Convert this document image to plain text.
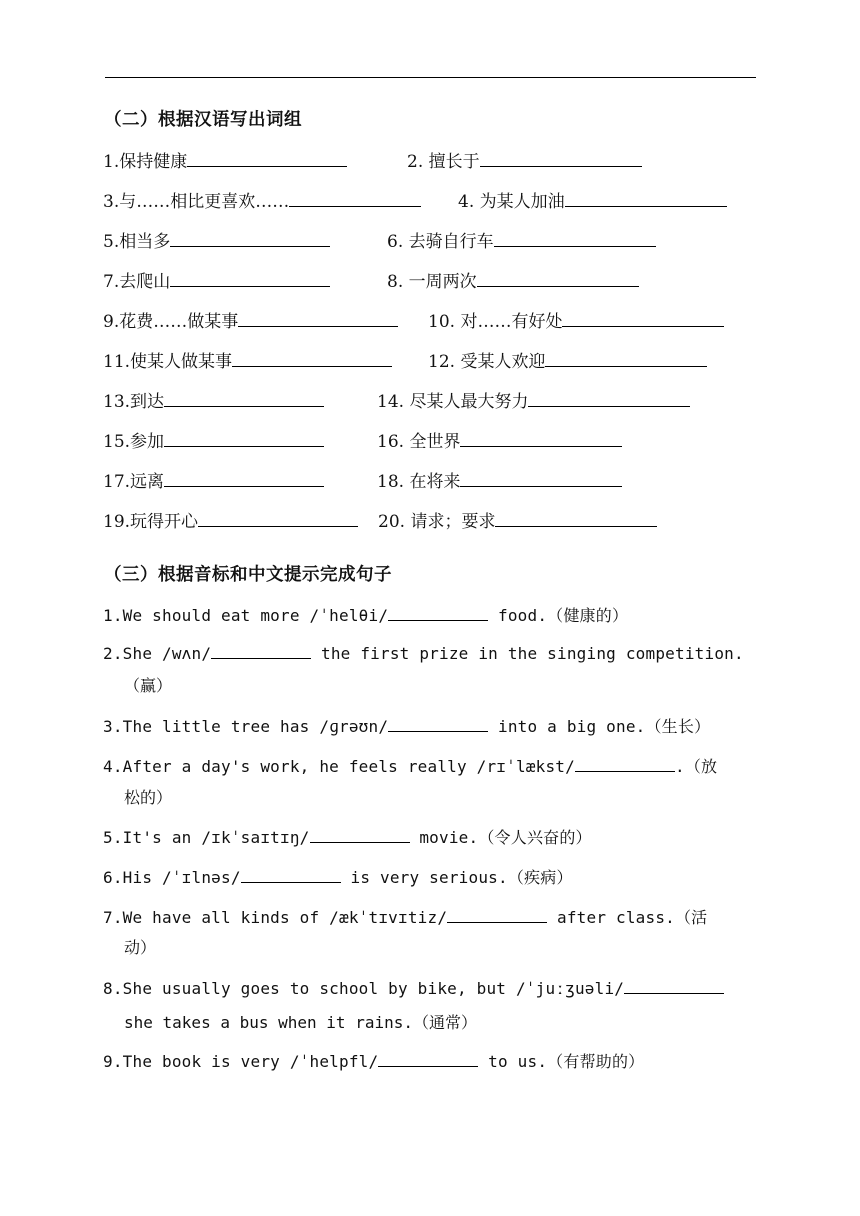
（二）根据汉语写出词组
1.保持健康	2. 擅长于
3.与……相比更喜欢……	4. 为某人加油
5.相当多	6. 去骑自行车
7.去爬山	8. 一周两次
9.花费……做某事	10. 对……有好处
11.使某人做某事	12. 受某人欢迎
13.到达	14. 尽某人最大努力
15.参加	16. 全世界
17.远离	18. 在将来
19.玩得开心	20. 请求；要求
（三）根据音标和中文提示完成句子
1.We should eat more /ˈhelθi/	food.（健康的）
2.She /wʌn/	the first prize in the singing competition.
（赢）
3.The little tree has /ɡrəʊn/	into a big one.（生长）
4.After a day's work, he feels really /rɪˈlækst/	.（放
松的）
5.It's an /ɪkˈsaɪtɪŋ/	movie.（令人兴奋的）
6.His /ˈɪlnəs/	is very serious.（疾病）
7.We have all kinds of /ækˈtɪvɪtiz/	after class.（活
动）
8.She usually goes to school by bike, but /ˈjuːʒuəli/
she takes a bus when it rains.（通常）
9.The book is very /ˈhelpfl/	to us.（有帮助的）
